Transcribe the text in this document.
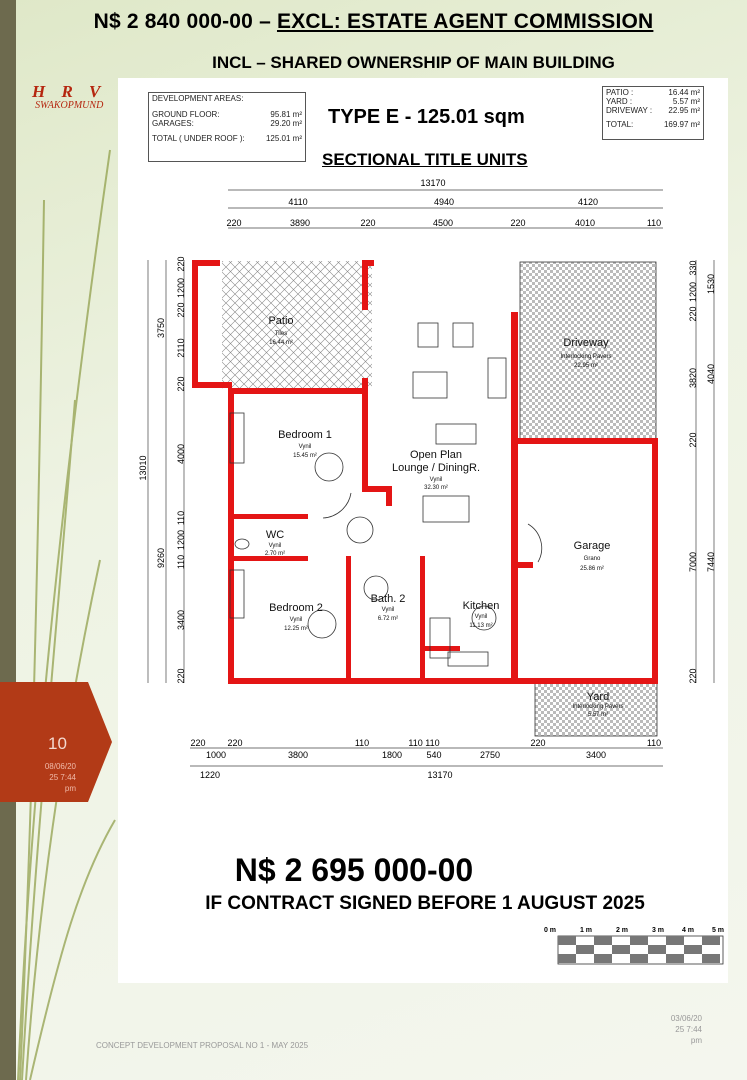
N$ 2 840 000-00 – EXCL: ESTATE AGENT COMMISSION
INCL – SHARED OWNERSHIP OF MAIN BUILDING
H R V
SWAKOPMUND
DEVELOPMENT AREAS:
GROUND FLOOR:	95.81 m²
GARAGES:	29.20 m²
TOTAL ( UNDER ROOF ):	125.01 m²
PATIO :	16.44 m²
YARD :	5.57 m²
DRIVEWAY : 22.95 m²
TOTAL:	169.97 m²
TYPE E - 125.01 sqm
SECTIONAL TITLE UNITS
13170
4110	4940	4120
220	3890	220	4500	220	4010	110
220
1000
220
3800
110
1800
110 110
540	2750
220
3400
110
1220	13170
220
1200
220
2110
220
4000
110
1200
110
3400
220
3750
9260
13010
330
1200
220
3820
220
7000
220
1530
4040
7440
Patio
Tiles
16.44 m²
Bedroom 1
Vynil
15.45 m²	Open Plan
Lounge / DiningR.
Vynil
32.30 m²
Driveway
Interlocking Pavers
22.95 m²
WC
Vynil
2.70 m²
Garage
Grano
25.86 m²
Bedroom 2
Vynil
12.25 m²
Bath. 2
Vynil
6.72 m²
Kitchen
Vynil
11.13 m²
Yard
Interlocking Pavers
5.57 m²
0 m	1 m	2 m	3 m	4 m	5 m
N$ 2 695 000-00
IF CONTRACT SIGNED BEFORE 1 AUGUST 2025
10
08/06/20
25 7:44
pm
CONCEPT DEVELOPMENT PROPOSAL NO 1 - MAY 2025
03/06/20
25 7:44
pm
